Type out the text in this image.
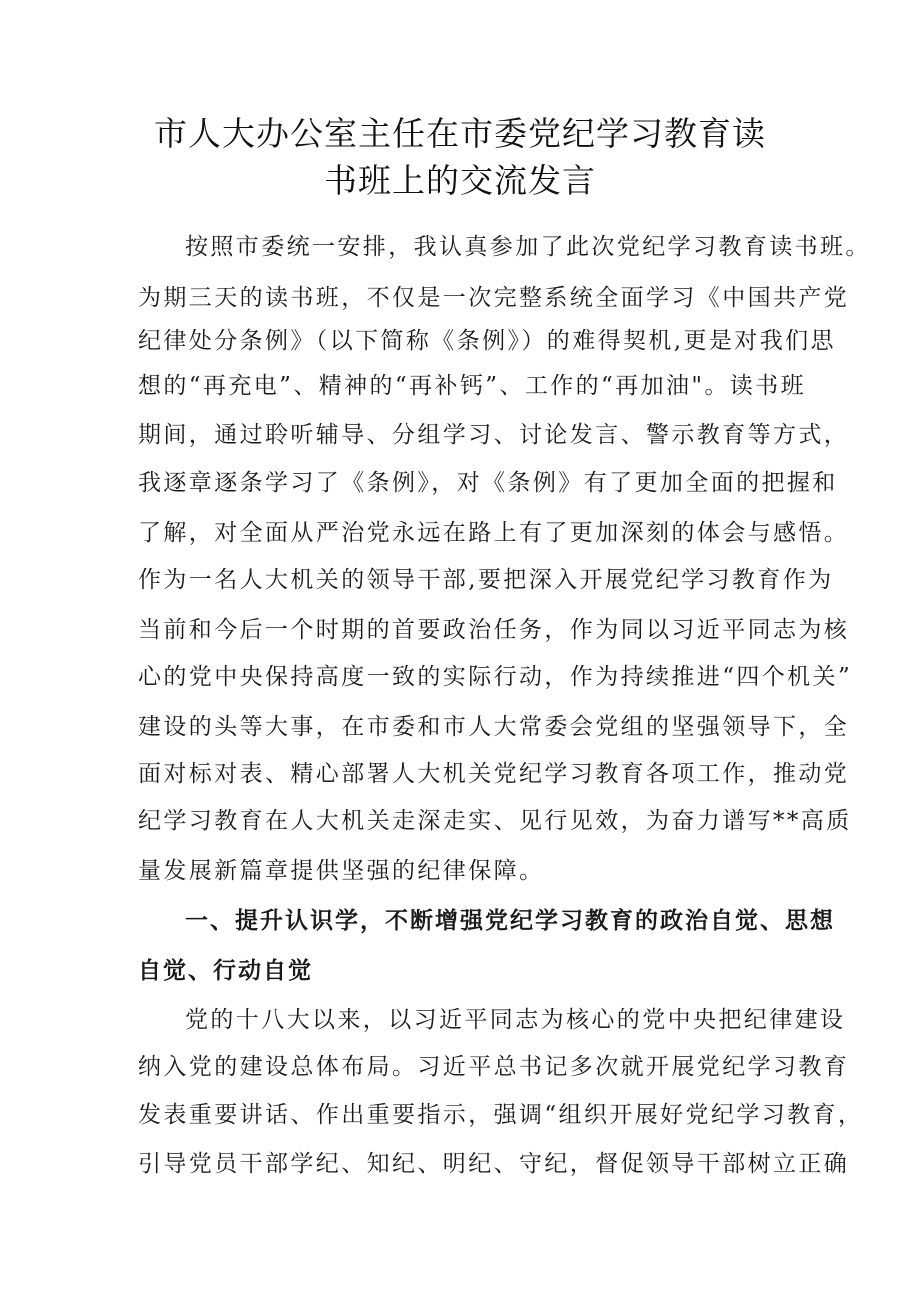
市人大办公室主任在市委党纪学习教育读
书班上的交流发言
按照市委统一安排，我认真参加了此次党纪学习教育读书班。
为期三天的读书班，不仅是一次完整系统全面学习《中国共产党
纪律处分条例》（以下简称《条例》）的难得契机,更是对我们思
想的“再充电”、精神的“再补钙”、工作的“再加油"。读书班
期间，通过聆听辅导、分组学习、讨论发言、警示教育等方式，
我逐章逐条学习了《条例》，对《条例》有了更加全面的把握和
了解，对全面从严治党永远在路上有了更加深刻的体会与感悟。
作为一名人大机关的领导干部,要把深入开展党纪学习教育作为
当前和今后一个时期的首要政治任务，作为同以习近平同志为核
心的党中央保持高度一致的实际行动，作为持续推进“四个机关”
建设的头等大事，在市委和市人大常委会党组的坚强领导下，全
面对标对表、精心部署人大机关党纪学习教育各项工作，推动党
纪学习教育在人大机关走深走实、见行见效，为奋力谱写**高质
量发展新篇章提供坚强的纪律保障。
一、提升认识学，不断增强党纪学习教育的政治自觉、思想
自觉、行动自觉
党的十八大以来，以习近平同志为核心的党中央把纪律建设
纳入党的建设总体布局。习近平总书记多次就开展党纪学习教育
发表重要讲话、作出重要指示，强调“组织开展好党纪学习教育，
引导党员干部学纪、知纪、明纪、守纪，督促领导干部树立正确
